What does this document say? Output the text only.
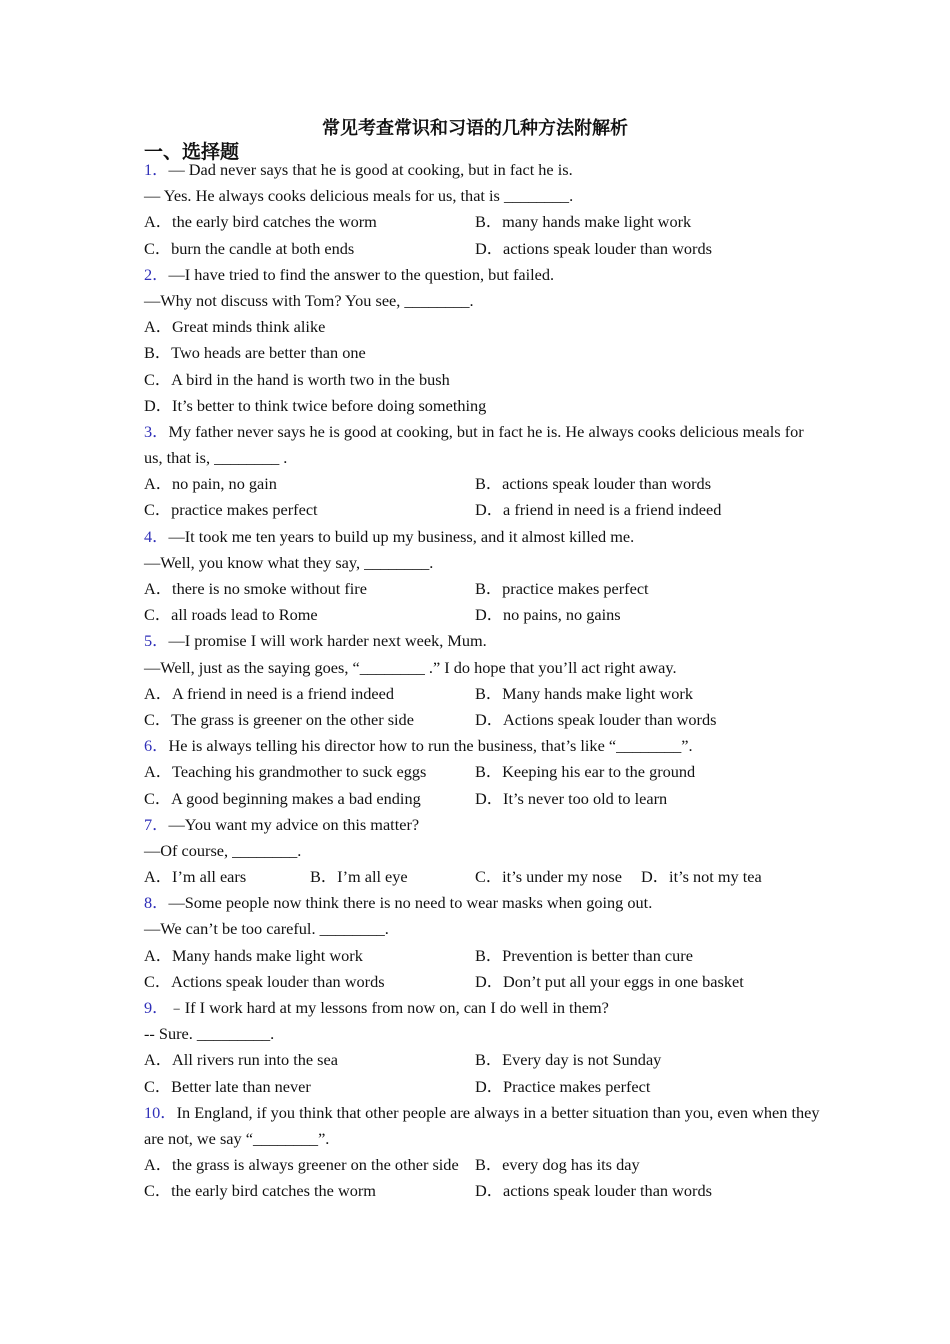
常见考查常识和习语的几种方法附解析
一、选择题
1．— Dad never says that he is good at cooking, but in fact he is.
— Yes. He always cooks delicious meals for us, that is ________.
A．the early bird catches the worm	B．many hands make light work
C．burn the candle at both ends	D．actions speak louder than words
2．—I have tried to find the answer to the question, but failed.
—Why not discuss with Tom? You see, ________.
A．Great minds think alike
B．Two heads are better than one
C．A bird in the hand is worth two in the bush
D．It’s better to think twice before doing something
3．My father never says he is good at cooking, but in fact he is. He always cooks delicious meals for us, that is, ________ .
A．no pain, no gain	B．actions speak louder than words
C．practice makes perfect	D．a friend in need is a friend indeed
4．—It took me ten years to build up my business, and it almost killed me.
—Well, you know what they say, ________.
A．there is no smoke without fire	B．practice makes perfect
C．all roads lead to Rome	D．no pains, no gains
5．—I promise I will work harder next week, Mum.
—Well, just as the saying goes, “________ .” I do hope that you’ll act right away.
A．A friend in need is a friend indeed	B．Many hands make light work
C．The grass is greener on the other side	D．Actions speak louder than words
6．He is always telling his director how to run the business, that’s like “________”.
A．Teaching his grandmother to suck eggs	B．Keeping his ear to the ground
C．A good beginning makes a bad ending	D．It’s never too old to learn
7．—You want my advice on this matter?
—Of course, ________.
A．I’m all ears	B．I’m all eye	C．it’s under my nose	D．it’s not my tea
8．—Some people now think there is no need to wear masks when going out.
—We can’t be too careful. ________.
A．Many hands make light work	B．Prevention is better than cure
C．Actions speak louder than words	D．Don’t put all your eggs in one basket
9．﹣If I work hard at my lessons from now on, can I do well in them?
-- Sure. _________.
A．All rivers run into the sea	B．Every day is not Sunday
C．Better late than never	D．Practice makes perfect
10．In England, if you think that other people are always in a better situation than you, even when they are not, we say “________”.
A．the grass is always greener on the other side	B．every dog has its day
C．the early bird catches the worm	D．actions speak louder than words
